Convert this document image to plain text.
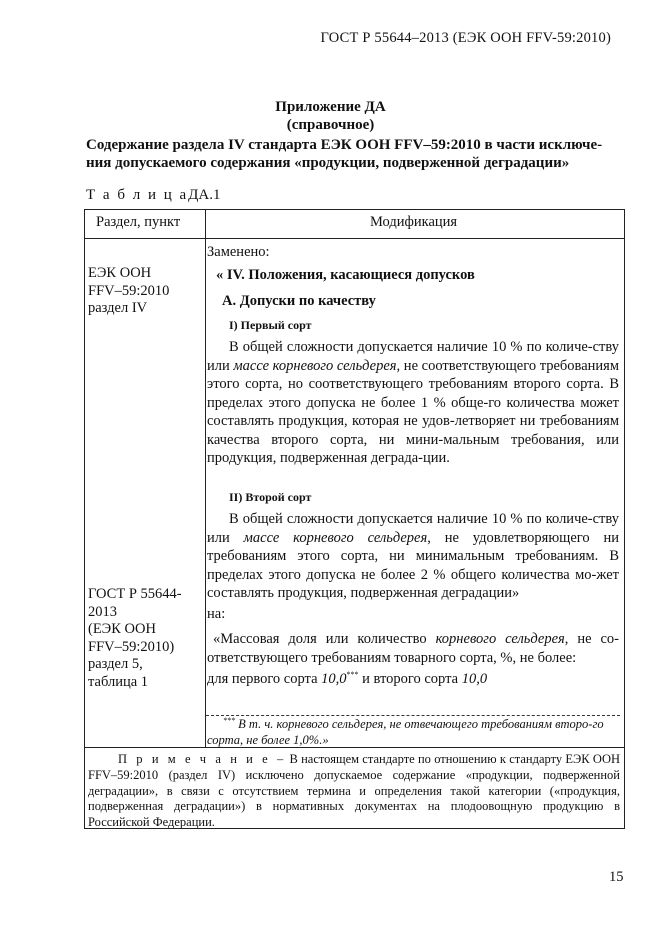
ГОСТ Р 55644–2013 (ЕЭК ООН FFV-59:2010)
Приложение ДА
(справочное)
Содержание раздела IV стандарта ЕЭК ООН FFV–59:2010 в части исключе-
ния допускаемого содержания «продукции, подверженной деградации»
Т а б л и ц аДА.1
Раздел, пункт	Модификация
ЕЭК ООН
FFV–59:2010
раздел IV
ГОСТ Р 55644-
2013
(ЕЭК ООН
FFV–59:2010)
раздел 5,
таблица 1
Заменено:
« IV. Положения, касающиеся допусков
А. Допуски по качеству
I) Первый сорт
В общей сложности допускается наличие 10 % по количе-ству или массе корневого сельдерея, не соответствующего требованиям этого сорта, но соответствующего требованиям второго сорта. В пределах этого допуска не более 1 % обще-го количества может составлять продукция, которая не удов-летворяет ни требованиям качества второго сорта, ни мини-мальным требования, или продукция, подверженная деграда-ции.
II) Второй сорт
В общей сложности допускается наличие 10 % по количе-ству или массе корневого сельдерея, не удовлетворяющего ни требованиям этого сорта, ни минимальным требованиям. В пределах этого допуска не более 2 % общего количества мо-жет составлять продукция, подверженная деградации»
на:
«Массовая доля или количество корневого сельдерея, не со-ответствующего требованиям товарного сорта, %, не более:
для первого сорта 10,0*** и второго сорта 10,0
*** В т. ч. корневого сельдерея, не отвечающего требованиям второ-го сорта, не более 1,0%.»
П р и м е ч а н и е – В настоящем стандарте по отношению к стандарту ЕЭК ООН FFV–59:2010 (раздел IV) исключено допускаемое содержание «продукции, подверженной деградации», в связи с отсутствием термина и определения такой категории («продукция, подверженная деградации») в нормативных документах на плодоовощную продукцию в Российской Федерации.
15
